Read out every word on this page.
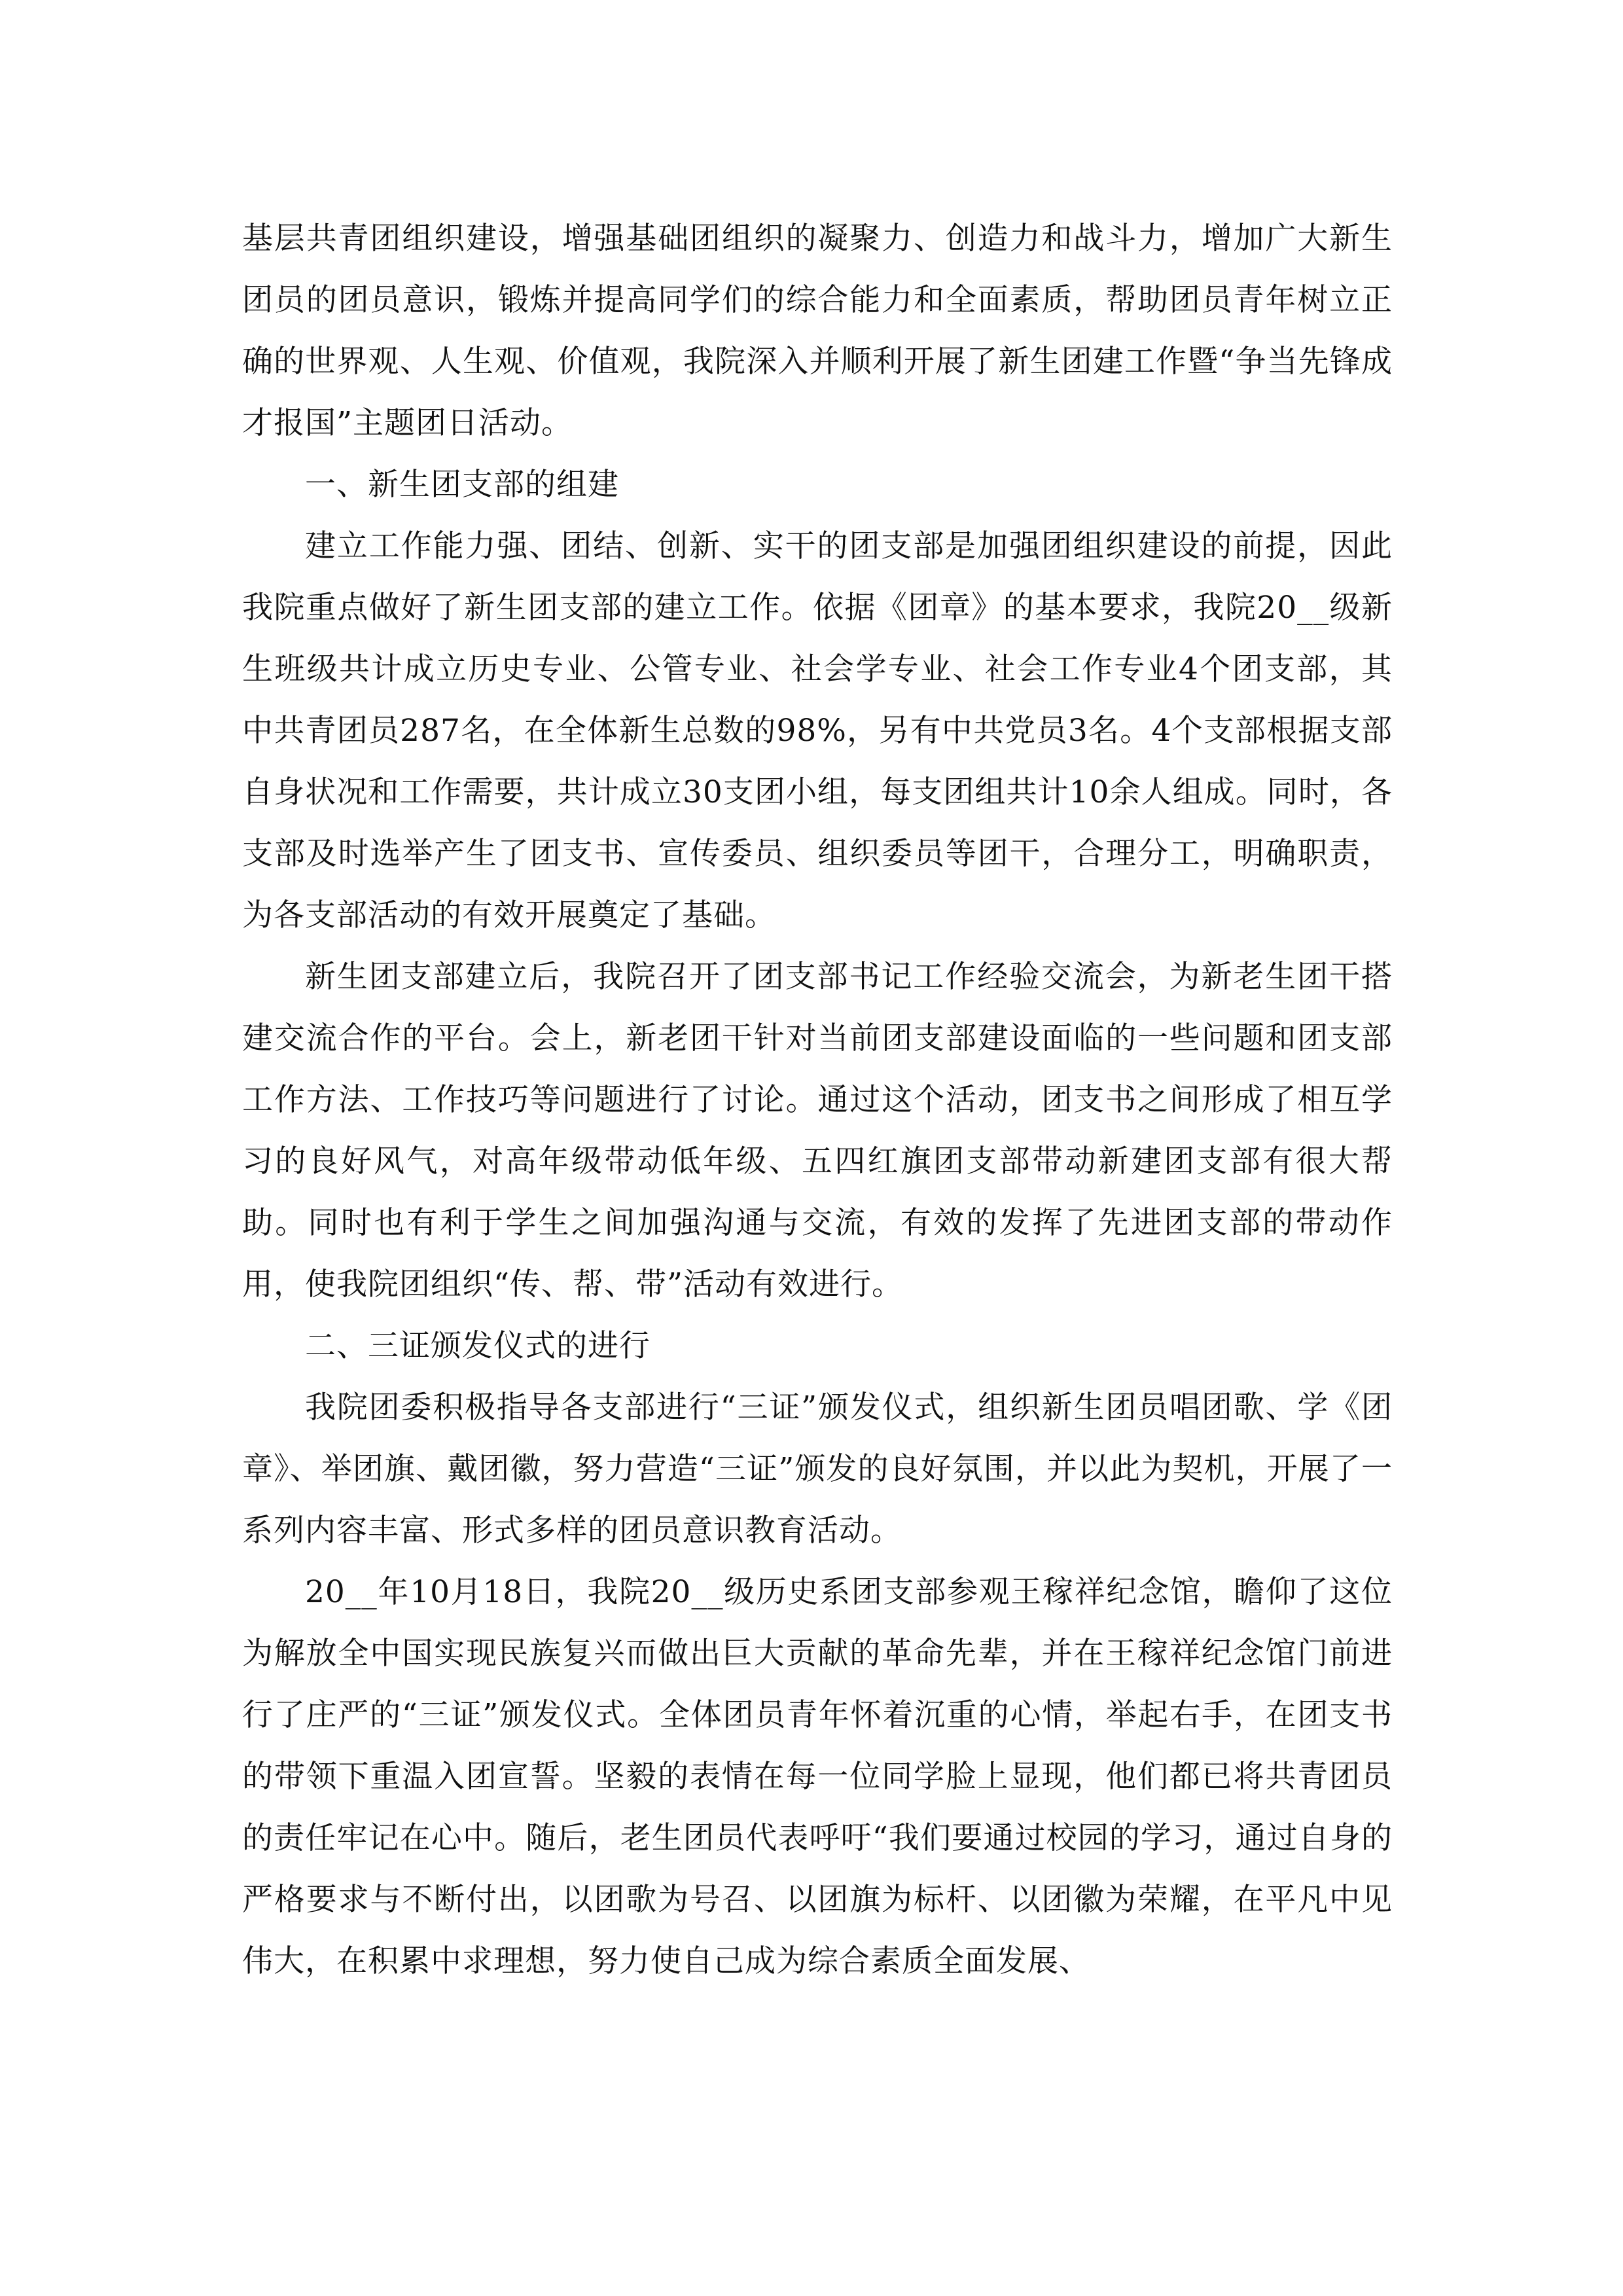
基层共青团组织建设，增强基础团组织的凝聚力、创造力和战斗力，增加广大新生团员的团员意识，锻炼并提高同学们的综合能力和全面素质，帮助团员青年树立正确的世界观、人生观、价值观，我院深入并顺利开展了新生团建工作暨“争当先锋成才报国”主题团日活动。

一、新生团支部的组建

建立工作能力强、团结、创新、实干的团支部是加强团组织建设的前提，因此我院重点做好了新生团支部的建立工作。依据《团章》的基本要求，我院20__级新生班级共计成立历史专业、公管专业、社会学专业、社会工作专业4个团支部，其中共青团员287名，在全体新生总数的98%，另有中共党员3名。4个支部根据支部自身状况和工作需要，共计成立30支团小组，每支团组共计10余人组成。同时，各支部及时选举产生了团支书、宣传委员、组织委员等团干，合理分工，明确职责，为各支部活动的有效开展奠定了基础。

新生团支部建立后，我院召开了团支部书记工作经验交流会，为新老生团干搭建交流合作的平台。会上，新老团干针对当前团支部建设面临的一些问题和团支部工作方法、工作技巧等问题进行了讨论。通过这个活动，团支书之间形成了相互学习的良好风气，对高年级带动低年级、五四红旗团支部带动新建团支部有很大帮助。同时也有利于学生之间加强沟通与交流，有效的发挥了先进团支部的带动作用，使我院团组织“传、帮、带”活动有效进行。

二、三证颁发仪式的进行

我院团委积极指导各支部进行“三证”颁发仪式，组织新生团员唱团歌、学《团章》、举团旗、戴团徽，努力营造“三证”颁发的良好氛围，并以此为契机，开展了一系列内容丰富、形式多样的团员意识教育活动。

20__年10月18日，我院20__级历史系团支部参观王稼祥纪念馆，瞻仰了这位为解放全中国实现民族复兴而做出巨大贡献的革命先辈，并在王稼祥纪念馆门前进行了庄严的“三证”颁发仪式。全体团员青年怀着沉重的心情，举起右手，在团支书的带领下重温入团宣誓。坚毅的表情在每一位同学脸上显现，他们都已将共青团员的责任牢记在心中。随后，老生团员代表呼吁“我们要通过校园的学习，通过自身的严格要求与不断付出，以团歌为号召、以团旗为标杆、以团徽为荣耀，在平凡中见伟大，在积累中求理想，努力使自己成为综合素质全面发展、
